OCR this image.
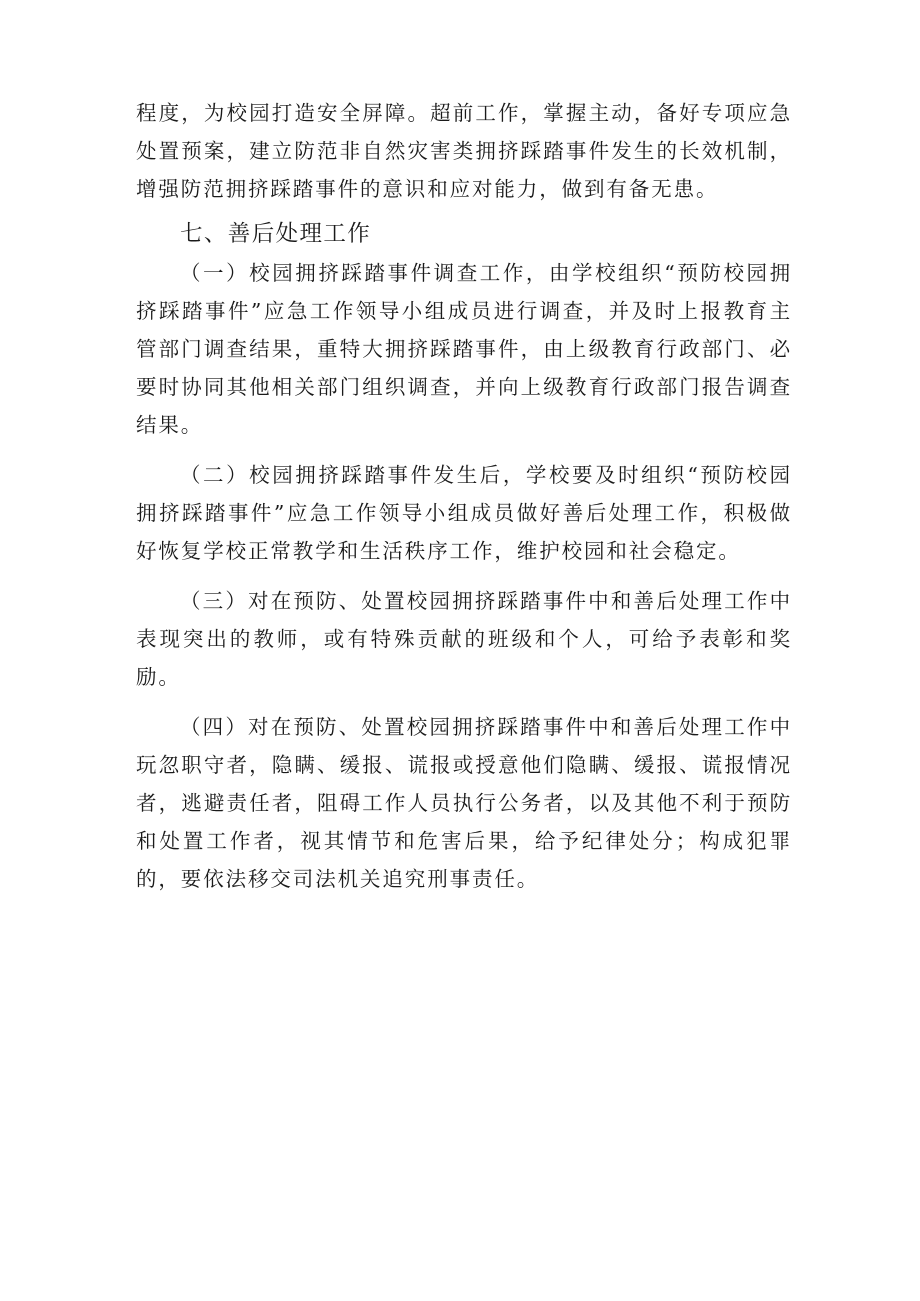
程度，为校园打造安全屏障。超前工作，掌握主动，备好专项应急处置预案，建立防范非自然灾害类拥挤踩踏事件发生的长效机制，增强防范拥挤踩踏事件的意识和应对能力，做到有备无患。

七、善后处理工作

（一）校园拥挤踩踏事件调查工作，由学校组织“预防校园拥挤踩踏事件”应急工作领导小组成员进行调查，并及时上报教育主管部门调查结果，重特大拥挤踩踏事件，由上级教育行政部门、必要时协同其他相关部门组织调查，并向上级教育行政部门报告调查结果。

（二）校园拥挤踩踏事件发生后，学校要及时组织“预防校园拥挤踩踏事件”应急工作领导小组成员做好善后处理工作，积极做好恢复学校正常教学和生活秩序工作，维护校园和社会稳定。

（三）对在预防、处置校园拥挤踩踏事件中和善后处理工作中表现突出的教师，或有特殊贡献的班级和个人，可给予表彰和奖励。

（四）对在预防、处置校园拥挤踩踏事件中和善后处理工作中玩忽职守者，隐瞒、缓报、谎报或授意他们隐瞒、缓报、谎报情况者，逃避责任者，阻碍工作人员执行公务者，以及其他不利于预防和处置工作者，视其情节和危害后果，给予纪律处分；构成犯罪的，要依法移交司法机关追究刑事责任。
